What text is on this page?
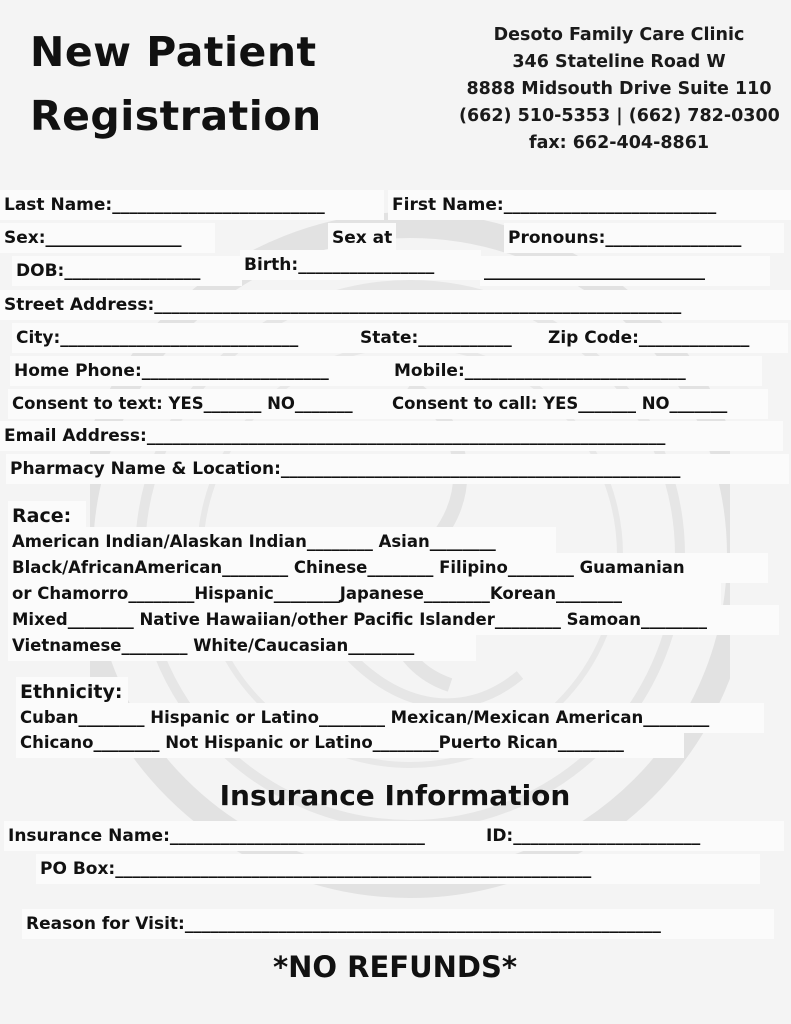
New Patient
Registration
Desoto Family Care Clinic
346 Stateline Road W
8888 Midsouth Drive Suite 110
(662) 510-5353 | (662) 782-0300
fax: 662-404-8861
Last Name:_________________________	First Name:_________________________
Sex:________________	Sex at	Pronouns:________________
DOB:________________	Birth:________________	__________________________
Street Address:______________________________________________________________
City:____________________________	State:___________	Zip Code:_____________
Home Phone:______________________	Mobile:__________________________
Consent to text: YES_______ NO_______	Consent to call: YES_______ NO_______
Email Address:_____________________________________________________________
Pharmacy Name & Location:_______________________________________________
Race:
American Indian/Alaskan Indian________ Asian________
Black/AfricanAmerican________ Chinese________ Filipino________ Guamanian
or Chamorro________Hispanic________Japanese________Korean________
Mixed________ Native Hawaiian/other Pacific Islander________ Samoan________
Vietnamese________ White/Caucasian________
Ethnicity:
Cuban________ Hispanic or Latino________ Mexican/Mexican American________
Chicano________ Not Hispanic or Latino________Puerto Rican________
Insurance Information
Insurance Name:______________________________	ID:______________________
PO Box:________________________________________________________
Reason for Visit:________________________________________________________
*NO REFUNDS*
